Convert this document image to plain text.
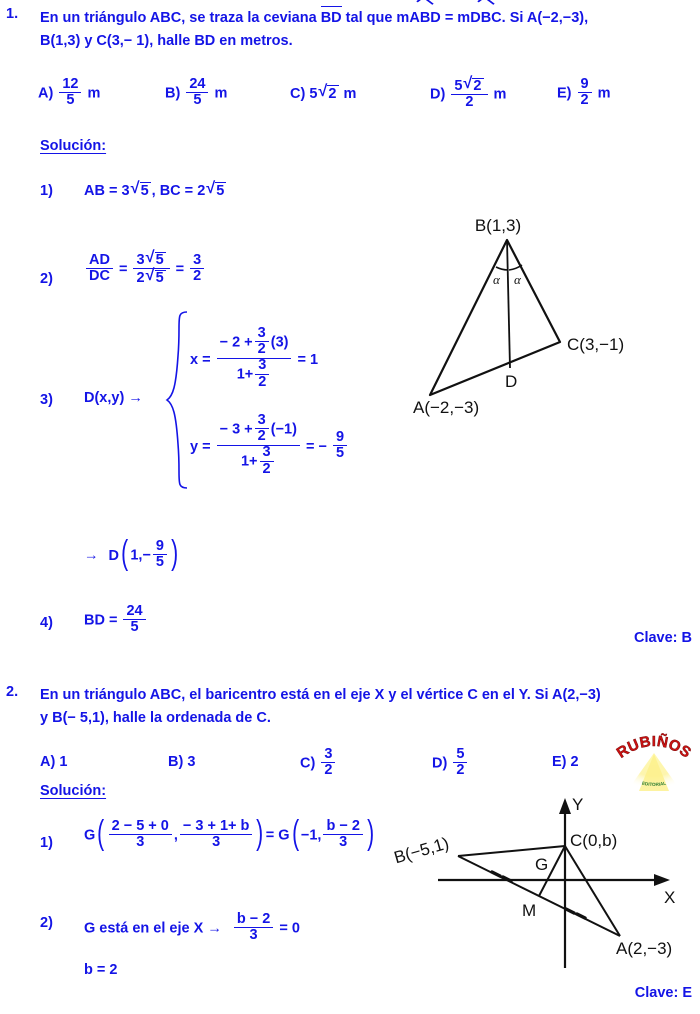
1. En un triángulo ABC, se traza la ceviana BD tal que mABD = mDBC. Si A(−2,−3),
B(1,3) y C(3,− 1), halle BD en metros.
$A) \frac{12}{5}$ m	$B) \frac{24}{5}$ m	C) 5 √ 2 m	$D) \frac{5 √ 2}{2}$ m	$E) \frac{9}{2}$ m
Solución:
1) AB = 3 √ 5 , BC = 2 √ 5
$2) \frac{AD}{DC} = \frac{3 √ 5}{2 √ 5} = \frac{3}{2}$
3) D(x,y) →
$x = \frac{- 2 + \frac{3}{2} (3)}{1+ \frac{3}{2}} = 1$
$y = \frac{- 3 + \frac{3}{2} (-1)}{1+ \frac{3}{2}}$ = − $\frac{9}{5}$
→ D( $1,- \frac{9}{5}$ )
4) BD = $\frac{24}{5}$
B(1,3)
C(3,−1)
A(−2,−3)
D
α α
Clave: B
2. En un triángulo ABC, el baricentro está en el eje X y el vértice C en el Y. Si A(2,−3)
y B(− 5,1), halle la ordenada de C.
A) 1	B) 3	$C) \frac{3}{2}$	$D) \frac{5}{2}$	E) 2
RUBIÑOS
EDITORIAL
Solución:
1) $G( \frac{2 - 5 + 0}{3}$ , $\frac{- 3 + 1+ b}{3}$ ) = G( −1, $\frac{b - 2}{3}$ )
2) G está en el eje $X \to \frac{b - 2}{3} = 0$
b = 2
Y
X
B(−5,1)	C(0,b)
A(2,−3)
G
M
Clave: E
